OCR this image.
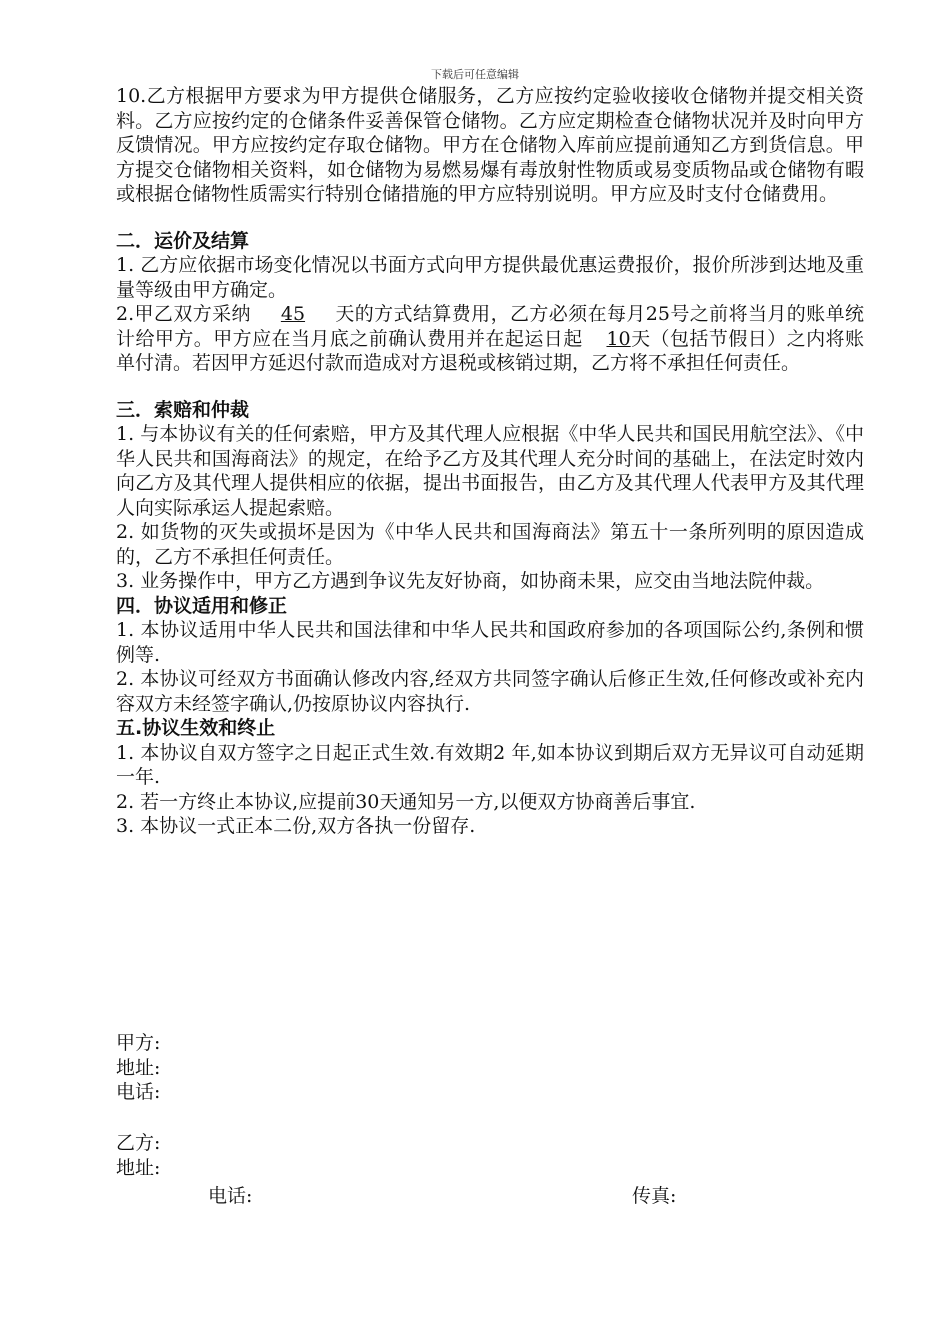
下载后可任意编辑

10.乙方根据甲方要求为甲方提供仓储服务，乙方应按约定验收接收仓储物并提交相关资料。乙方应按约定的仓储条件妥善保管仓储物。乙方应定期检查仓储物状况并及时向甲方反馈情况。甲方应按约定存取仓储物。甲方在仓储物入库前应提前通知乙方到货信息。甲方提交仓储物相关资料，如仓储物为易燃易爆有毒放射性物质或易变质物品或仓储物有暇或根据仓储物性质需实行特别仓储措施的甲方应特别说明。甲方应及时支付仓储费用。

二．运价及结算

1. 乙方应依据市场变化情况以书面方式向甲方提供最优惠运费报价，报价所涉到达地及重量等级由甲方确定。

2.甲乙双方采纳 45 天的方式结算费用，乙方必须在每月25号之前将当月的账单统计给甲方。甲方应在当月底之前确认费用并在起运日起 10天（包括节假日）之内将账单付清。若因甲方延迟付款而造成对方退税或核销过期，乙方将不承担任何责任。

三．索赔和仲裁

1. 与本协议有关的任何索赔，甲方及其代理人应根据《中华人民共和国民用航空法》、《中华人民共和国海商法》的规定，在给予乙方及其代理人充分时间的基础上，在法定时效内向乙方及其代理人提供相应的依据，提出书面报告，由乙方及其代理人代表甲方及其代理人向实际承运人提起索赔。

2. 如货物的灭失或损坏是因为《中华人民共和国海商法》第五十一条所列明的原因造成的，乙方不承担任何责任。

3. 业务操作中，甲方乙方遇到争议先友好协商，如协商未果，应交由当地法院仲裁。

四．协议适用和修正

1. 本协议适用中华人民共和国法律和中华人民共和国政府参加的各项国际公约,条例和惯例等.

2. 本协议可经双方书面确认修改内容,经双方共同签字确认后修正生效,任何修改或补充内容双方未经签字确认,仍按原协议内容执行.

五.协议生效和终止

1. 本协议自双方签字之日起正式生效.有效期2 年,如本协议到期后双方无异议可自动延期一年.

2. 若一方终止本协议,应提前30天通知另一方,以便双方协商善后事宜.

3. 本协议一式正本二份,双方各执一份留存.

甲方:
地址:
电话:
乙方:
地址:
电话:	传真:
